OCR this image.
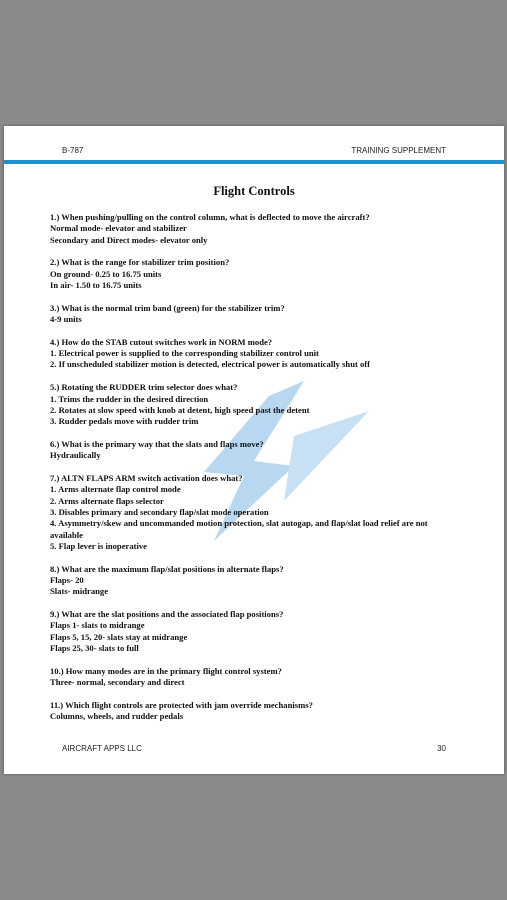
B-787	TRAINING SUPPLEMENT
Flight Controls
1.) When pushing/pulling on the control column, what is deflected to move the aircraft?
Normal mode- elevator and stabilizer
Secondary and Direct modes- elevator only
2.) What is the range for stabilizer trim position?
On ground- 0.25 to 16.75 units
In air- 1.50 to 16.75 units
3.) What is the normal trim band (green) for the stabilizer trim?
4-9 units
4.) How do the STAB cutout switches work in NORM mode?
1. Electrical power is supplied to the corresponding stabilizer control unit
2. If unscheduled stabilizer motion is detected, electrical power is automatically shut off
5.) Rotating the RUDDER trim selector does what?
1. Trims the rudder in the desired direction
2. Rotates at slow speed with knob at detent, high speed past the detent
3. Rudder pedals move with rudder trim
6.) What is the primary way that the slats and flaps move?
Hydraulically
7.) ALTN FLAPS ARM switch activation does what?
1. Arms alternate flap control mode
2. Arms alternate flaps selector
3. Disables primary and secondary flap/slat mode operation
4. Asymmetry/skew and uncommanded motion protection, slat autogap, and flap/slat load relief are not available
5. Flap lever is inoperative
8.) What are the maximum flap/slat positions in alternate flaps?
Flaps- 20
Slats- midrange
9.) What are the slat positions and the associated flap positions?
Flaps 1- slats to midrange
Flaps 5, 15, 20- slats stay at midrange
Flaps 25, 30- slats to full
10.) How many modes are in the primary flight control system?
Three- normal, secondary and direct
11.) Which flight controls are protected with jam override mechanisms?
Columns, wheels, and rudder pedals
AIRCRAFT APPS LLC	30
